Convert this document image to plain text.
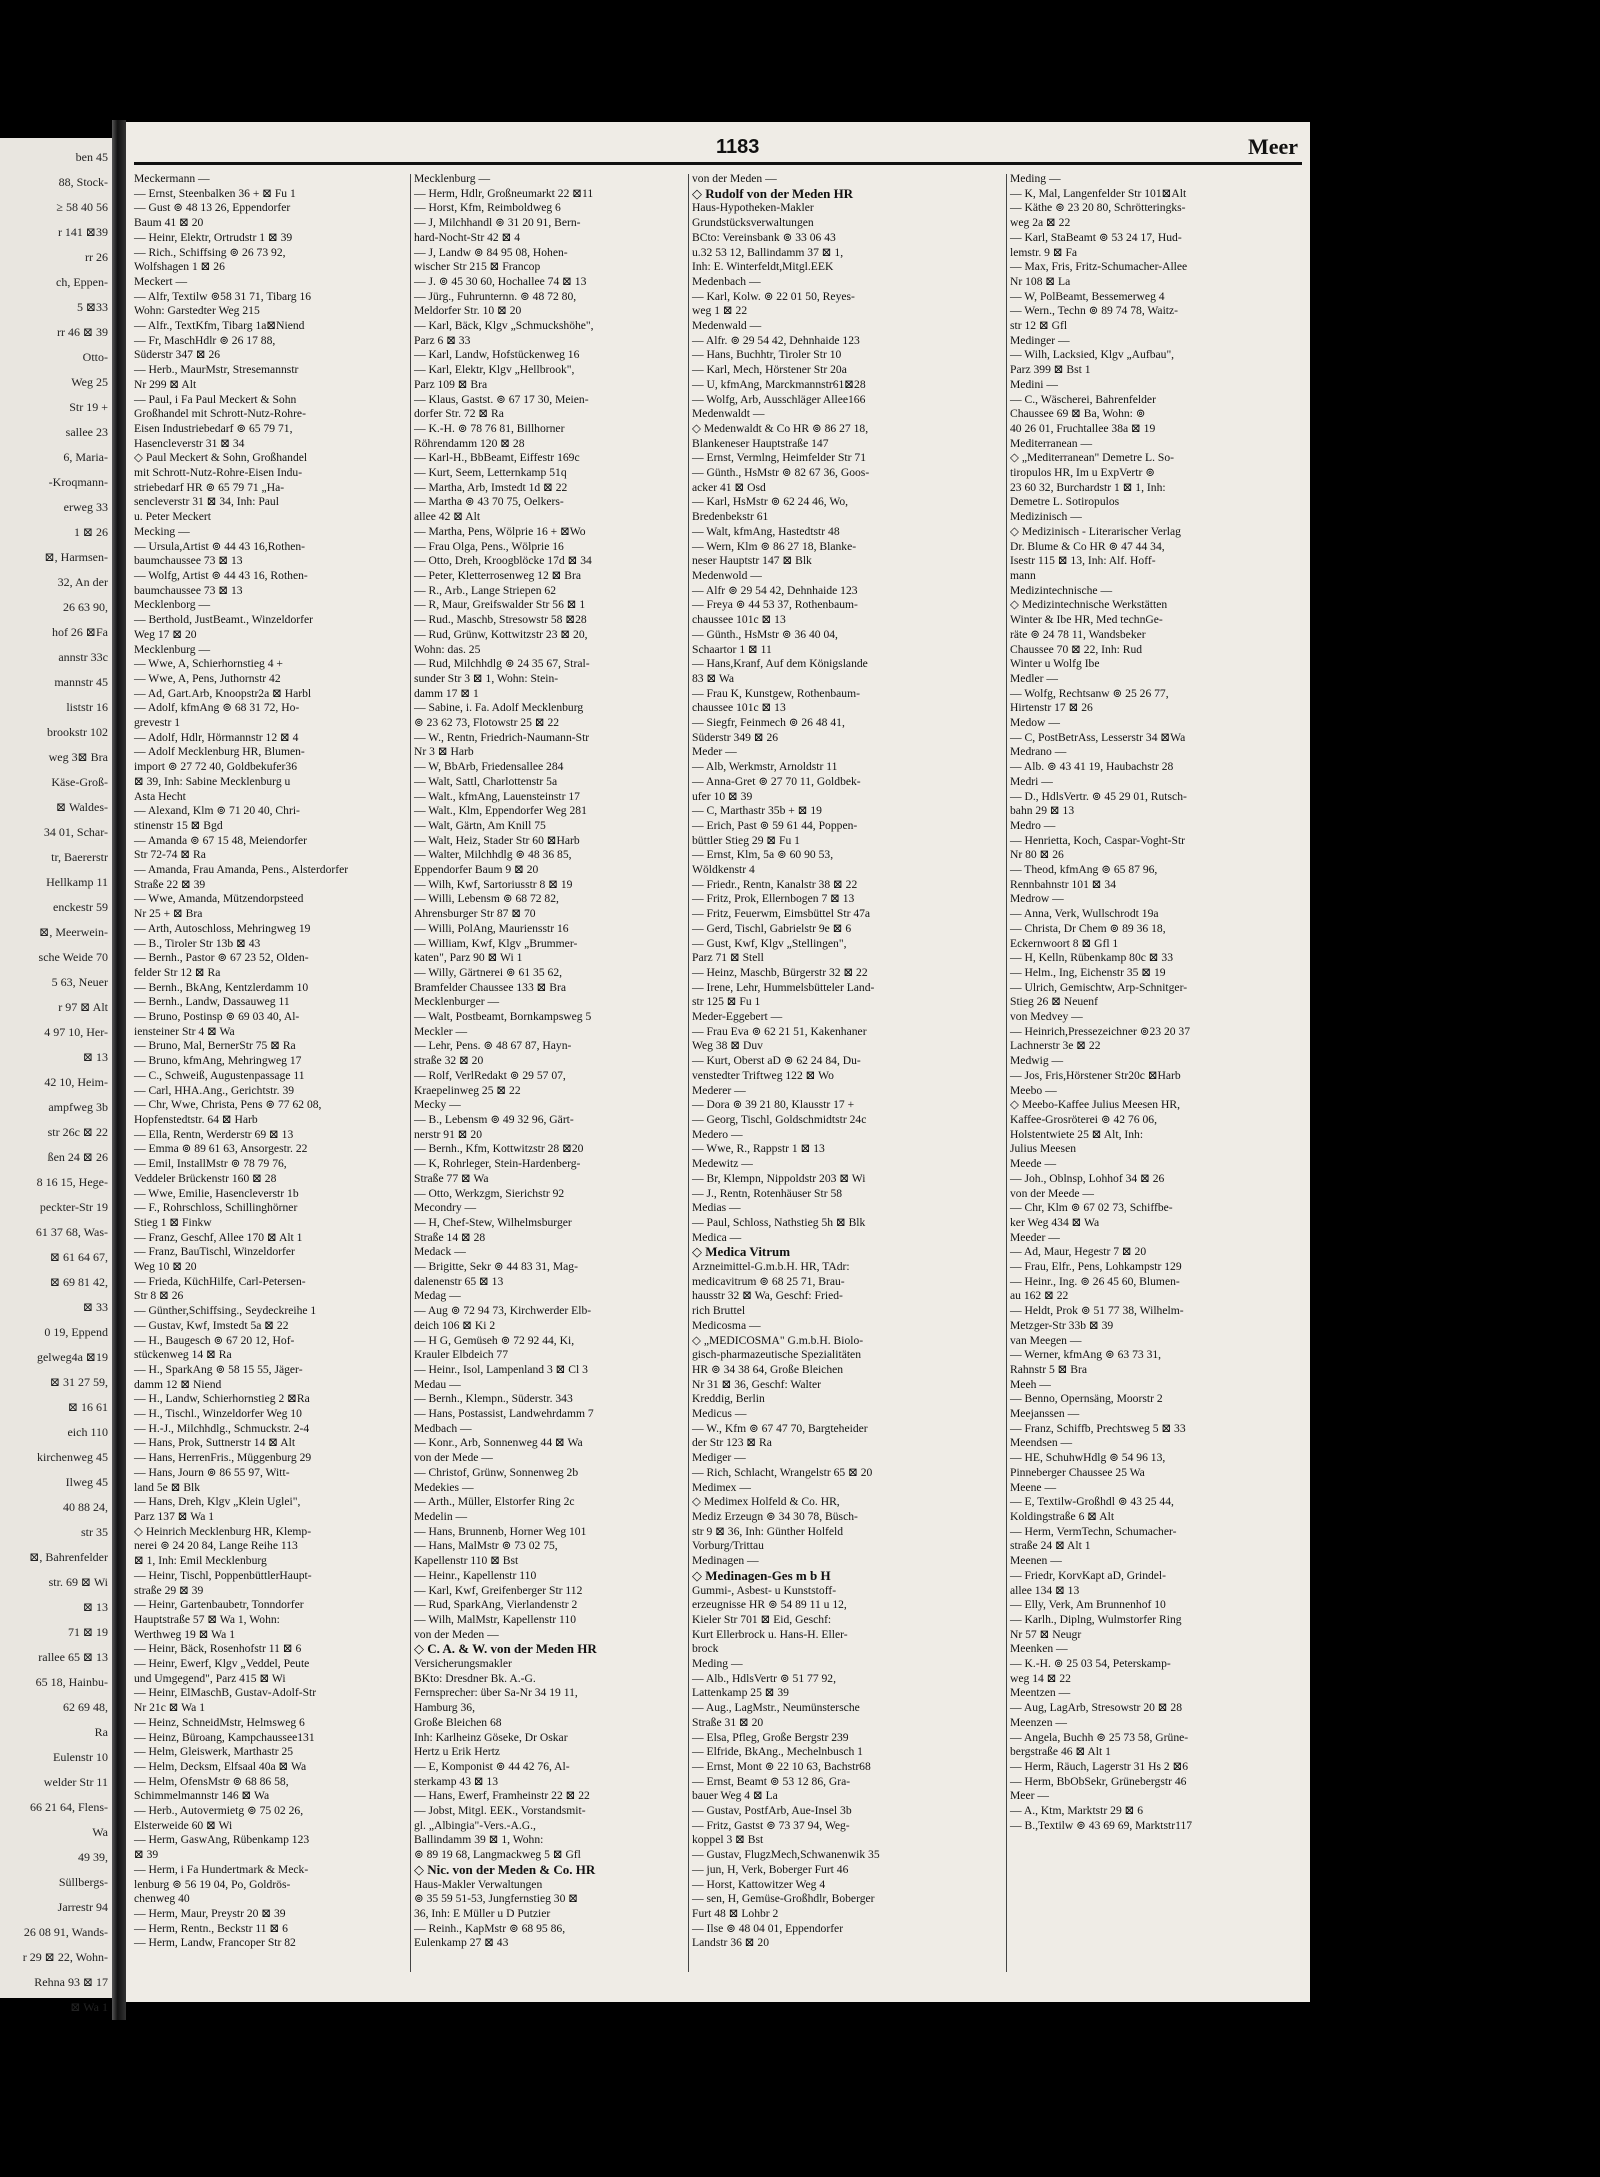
ben 45
88, Stock-
≥ 58 40 56
r 141 ⊠39
rr 26
ch, Eppen-
5 ⊠33
rr 46 ⊠ 39
Otto-
Weg 25
Str 19 +
sallee 23
6, Maria-
-Kroqmann-
erweg 33
1 ⊠ 26
⊠, Harmsen-
32, An der
26 63 90,
hof 26 ⊠Fa
annstr 33c
mannstr 45
liststr 16
brookstr 102
weg 3⊠ Bra
Käse-Groß-
⊠ Waldes-
34 01, Schar-
tr, Baererstr
Hellkamp 11
enckestr 59
⊠, Meerwein-
sche Weide 70
5 63, Neuer
r 97 ⊠ Alt
4 97 10, Her-
⊠ 13
42 10, Heim-
ampfweg 3b
str 26c ⊠ 22
ßen 24 ⊠ 26
8 16 15, Hege-
peckter-Str 19
61 37 68, Was-
⊠ 61 64 67,
⊠ 69 81 42,
⊠ 33
0 19, Eppend
gelweg4a ⊠19
⊠ 31 27 59,
⊠ 16 61
eich 110
kirchenweg 45
Ilweg 45
40 88 24,
str 35
⊠, Bahrenfelder
str. 69 ⊠ Wi
⊠ 13
71 ⊠ 19
rallee 65 ⊠ 13
65 18, Hainbu-
62 69 48,
Ra
Eulenstr 10
welder Str 11
66 21 64, Flens-
Wa
49 39,
Süllbergs-
Jarrestr 94
26 08 91, Wands-
r 29 ⊠ 22, Wohn-
Rehna 93 ⊠ 17
⊠ Wa 1
1183	Meer
Meckermann —
— Ernst, Steenbalken 36 + ⊠ Fu 1
— Gust ⊚ 48 13 26, Eppendorfer
Baum 41 ⊠ 20
— Heinr, Elektr, Ortrudstr 1 ⊠ 39
— Rich., Schiffsing ⊚ 26 73 92,
Wolfshagen 1 ⊠ 26
Meckert —
— Alfr, Textilw ⊚58 31 71, Tibarg 16
Wohn: Garstedter Weg 215
— Alfr., TextKfm, Tibarg 1a⊠Niend
— Fr, MaschHdlr ⊚ 26 17 88,
Süderstr 347 ⊠ 26
— Herb., MaurMstr, Stresemannstr
Nr 299 ⊠ Alt
— Paul, i Fa Paul Meckert & Sohn
Großhandel mit Schrott-Nutz-Rohre-
Eisen Industriebedarf ⊚ 65 79 71,
Hasencleverstr 31 ⊠ 34
◇ Paul Meckert & Sohn, Großhandel
mit Schrott-Nutz-Rohre-Eisen Indu-
striebedarf HR ⊚ 65 79 71 „Ha-
sencleverstr 31 ⊠ 34, Inh: Paul
u. Peter Meckert
Mecking —
— Ursula,Artist ⊚ 44 43 16,Rothen-
baumchaussee 73 ⊠ 13
— Wolfg, Artist ⊚ 44 43 16, Rothen-
baumchaussee 73 ⊠ 13
Mecklenborg —
— Berthold, JustBeamt., Winzeldorfer
Weg 17 ⊠ 20
Mecklenburg —
— Wwe, A, Schierhornstieg 4 +
— Wwe, A, Pens, Juthornstr 42
— Ad, Gart.Arb, Knoopstr2a ⊠ Harbl
— Adolf, kfmAng ⊚ 68 31 72, Ho-
grevestr 1
— Adolf, Hdlr, Hörmannstr 12 ⊠ 4
— Adolf Mecklenburg HR, Blumen-
import ⊚ 27 72 40, Goldbekufer36
⊠ 39, Inh: Sabine Mecklenburg u
Asta Hecht
— Alexand, Klm ⊚ 71 20 40, Chri-
stinenstr 15 ⊠ Bgd
— Amanda ⊚ 67 15 48, Meiendorfer
Str 72-74 ⊠ Ra
— Amanda, Frau Amanda, Pens., Alsterdorfer
Straße 22 ⊠ 39
— Wwe, Amanda, Mützendorpsteed
Nr 25 + ⊠ Bra
— Arth, Autoschloss, Mehringweg 19
— B., Tiroler Str 13b ⊠ 43
— Bernh., Pastor ⊚ 67 23 52, Olden-
felder Str 12 ⊠ Ra
— Bernh., BkAng, Kentzlerdamm 10
— Bernh., Landw, Dassauweg 11
— Bruno, Postinsp ⊚ 69 03 40, Al-
iensteiner Str 4 ⊠ Wa
— Bruno, Mal, BernerStr 75 ⊠ Ra
— Bruno, kfmAng, Mehringweg 17
— C., Schweiß, Augustenpassage 11
— Carl, HHA.Ang., Gerichtstr. 39
— Chr, Wwe, Christa, Pens ⊚ 77 62 08,
Hopfenstedtstr. 64 ⊠ Harb
— Ella, Rentn, Werderstr 69 ⊠ 13
— Emma ⊚ 89 61 63, Ansorgestr. 22
— Emil, InstallMstr ⊚ 78 79 76,
Veddeler Brückenstr 160 ⊠ 28
— Wwe, Emilie, Hasencleverstr 1b
— F., Rohrschloss, Schillinghörner
Stieg 1 ⊠ Finkw
— Franz, Geschf, Allee 170 ⊠ Alt 1
— Franz, BauTischl, Winzeldorfer
Weg 10 ⊠ 20
— Frieda, KüchHilfe, Carl-Petersen-
Str 8 ⊠ 26
— Günther,Schiffsing., Seydeckreihe 1
— Gustav, Kwf, Imstedt 5a ⊠ 22
— H., Baugesch ⊚ 67 20 12, Hof-
stückenweg 14 ⊠ Ra
— H., SparkAng ⊚ 58 15 55, Jäger-
damm 12 ⊠ Niend
— H., Landw, Schierhornstieg 2 ⊠Ra
— H., Tischl., Winzeldorfer Weg 10
— H.-J., Milchhdlg., Schmuckstr. 2-4
— Hans, Prok, Suttnerstr 14 ⊠ Alt
— Hans, HerrenFris., Müggenburg 29
— Hans, Journ ⊚ 86 55 97, Witt-
land 5e ⊠ Blk
— Hans, Dreh, Klgv „Klein Uglei",
Parz 137 ⊠ Wa 1
◇ Heinrich Mecklenburg HR, Klemp-
nerei ⊚ 24 20 84, Lange Reihe 113
⊠ 1, Inh: Emil Mecklenburg
— Heinr, Tischl, PoppenbüttlerHaupt-
straße 29 ⊠ 39
— Heinr, Gartenbaubetr, Tonndorfer
Hauptstraße 57 ⊠ Wa 1, Wohn:
Werthweg 19 ⊠ Wa 1
— Heinr, Bäck, Rosenhofstr 11 ⊠ 6
— Heinr, Ewerf, Klgv „Veddel, Peute
und Umgegend", Parz 415 ⊠ Wi
— Heinr, ElMaschB, Gustav-Adolf-Str
Nr 21c ⊠ Wa 1
— Heinz, SchneidMstr, Helmsweg 6
— Heinz, Büroang, Kampchaussee131
— Helm, Gleiswerk, Marthastr 25
— Helm, Decksm, Elfsaal 40a ⊠ Wa
— Helm, OfensMstr ⊚ 68 86 58,
Schimmelmannstr 146 ⊠ Wa
— Herb., Autovermietg ⊚ 75 02 26,
Elsterweide 60 ⊠ Wi
— Herm, GaswAng, Rübenkamp 123
⊠ 39
— Herm, i Fa Hundertmark & Meck-
lenburg ⊚ 56 19 04, Po, Goldrös-
chenweg 40
— Herm, Maur, Preystr 20 ⊠ 39
— Herm, Rentn., Beckstr 11 ⊠ 6
— Herm, Landw, Francoper Str 82
Mecklenburg —
— Herm, Hdlr, Großneumarkt 22 ⊠11
— Horst, Kfm, Reimboldweg 6
— J, Milchhandl ⊚ 31 20 91, Bern-
hard-Nocht-Str 42 ⊠ 4
— J, Landw ⊚ 84 95 08, Hohen-
wischer Str 215 ⊠ Francop
— J. ⊚ 45 30 60, Hochallee 74 ⊠ 13
— Jürg., Fuhrunternn. ⊚ 48 72 80,
Meldorfer Str. 10 ⊠ 20
— Karl, Bäck, Klgv „Schmuckshöhe",
Parz 6 ⊠ 33
— Karl, Landw, Hofstückenweg 16
— Karl, Elektr, Klgv „Hellbrook",
Parz 109 ⊠ Bra
— Klaus, Gastst. ⊚ 67 17 30, Meien-
dorfer Str. 72 ⊠ Ra
— K.-H. ⊚ 78 76 81, Billhorner
Röhrendamm 120 ⊠ 28
— Karl-H., BbBeamt, Eiffestr 169c
— Kurt, Seem, Letternkamp 51q
— Martha, Arb, Imstedt 1d ⊠ 22
— Martha ⊚ 43 70 75, Oelkers-
allee 42 ⊠ Alt
— Martha, Pens, Wölprie 16 + ⊠Wo
— Frau Olga, Pens., Wölprie 16
— Otto, Dreh, Kroogblöcke 17d ⊠ 34
— Peter, Kletterrosenweg 12 ⊠ Bra
— R., Arb., Lange Striepen 62
— R, Maur, Greifswalder Str 56 ⊠ 1
— Rud., Maschb, Stresowstr 58 ⊠28
— Rud, Grünw, Kottwitzstr 23 ⊠ 20,
Wohn: das. 25
— Rud, Milchhdlg ⊚ 24 35 67, Stral-
sunder Str 3 ⊠ 1, Wohn: Stein-
damm 17 ⊠ 1
— Sabine, i. Fa. Adolf Mecklenburg
⊚ 23 62 73, Flotowstr 25 ⊠ 22
— W., Rentn, Friedrich-Naumann-Str
Nr 3 ⊠ Harb
— W, BbArb, Friedensallee 284
— Walt, Sattl, Charlottenstr 5a
— Walt., kfmAng, Lauensteinstr 17
— Walt., Klm, Eppendorfer Weg 281
— Walt, Gärtn, Am Knill 75
— Walt, Heiz, Stader Str 60 ⊠Harb
— Walter, Milchhdlg ⊚ 48 36 85,
Eppendorfer Baum 9 ⊠ 20
— Wilh, Kwf, Sartoriusstr 8 ⊠ 19
— Willi, Lebensm ⊚ 68 72 82,
Ahrensburger Str 87 ⊠ 70
— Willi, PolAng, Mauriensstr 16
— William, Kwf, Klgv „Brummer-
katen", Parz 90 ⊠ Wi 1
— Willy, Gärtnerei ⊚ 61 35 62,
Bramfelder Chaussee 133 ⊠ Bra
Mecklenburger —
— Walt, Postbeamt, Bornkampsweg 5
Meckler —
— Lehr, Pens. ⊚ 48 67 87, Hayn-
straße 32 ⊠ 20
— Rolf, VerlRedakt ⊚ 29 57 07,
Kraepelinweg 25 ⊠ 22
Mecky —
— B., Lebensm ⊚ 49 32 96, Gärt-
nerstr 91 ⊠ 20
— Bernh., Kfm, Kottwitzstr 28 ⊠20
— K, Rohrleger, Stein-Hardenberg-
Straße 77 ⊠ Wa
— Otto, Werkzgm, Sierichstr 92
Mecondry —
— H, Chef-Stew, Wilhelmsburger
Straße 14 ⊠ 28
Medack —
— Brigitte, Sekr ⊚ 44 83 31, Mag-
dalenenstr 65 ⊠ 13
Medag —
— Aug ⊚ 72 94 73, Kirchwerder Elb-
deich 106 ⊠ Ki 2
— H G, Gemüseh ⊚ 72 92 44, Ki,
Krauler Elbdeich 77
— Heinr., Isol, Lampenland 3 ⊠ Cl 3
Medau —
— Bernh., Klempn., Süderstr. 343
— Hans, Postassist, Landwehrdamm 7
Medbach —
— Konr., Arb, Sonnenweg 44 ⊠ Wa
von der Mede —
— Christof, Grünw, Sonnenweg 2b
Medekies —
— Arth., Müller, Elstorfer Ring 2c
Medelin —
— Hans, Brunnenb, Horner Weg 101
— Hans, MalMstr ⊚ 73 02 75,
Kapellenstr 110 ⊠ Bst
— Heinr., Kapellenstr 110
— Karl, Kwf, Greifenberger Str 112
— Rud, SparkAng, Vierlandenstr 2
— Wilh, MalMstr, Kapellenstr 110
von der Meden —
◇ C. A. & W. von der Meden HR
Versicherungsmakler
BKto: Dresdner Bk. A.-G.
Fernsprecher: über Sa-Nr 34 19 11,
Hamburg 36,
Große Bleichen 68
Inh: Karlheinz Göseke, Dr Oskar
Hertz u Erik Hertz
— E, Komponist ⊚ 44 42 76, Al-
sterkamp 43 ⊠ 13
— Hans, Ewerf, Framheinstr 22 ⊠ 22
— Jobst, Mitgl. EEK., Vorstandsmit-
gl. „Albingia"-Vers.-A.G.,
Ballindamm 39 ⊠ 1, Wohn:
⊚ 89 19 68, Langmackweg 5 ⊠ Gfl
◇ Nic. von der Meden & Co. HR
Haus-Makler Verwaltungen
⊚ 35 59 51-53, Jungfernstieg 30 ⊠
36, Inh: E Müller u D Putzier
— Reinh., KapMstr ⊚ 68 95 86,
Eulenkamp 27 ⊠ 43
von der Meden —
◇ Rudolf von der Meden HR
Haus-Hypotheken-Makler
Grundstücksverwaltungen
BCto: Vereinsbank ⊚ 33 06 43
u.32 53 12, Ballindamm 37 ⊠ 1,
Inh: E. Winterfeldt,Mitgl.EEK
Medenbach —
— Karl, Kolw. ⊚ 22 01 50, Reyes-
weg 1 ⊠ 22
Medenwald —
— Alfr. ⊚ 29 54 42, Dehnhaide 123
— Hans, Buchhtr, Tiroler Str 10
— Karl, Mech, Hörstener Str 20a
— U, kfmAng, Marckmannstr61⊠28
— Wolfg, Arb, Ausschläger Allee166
Medenwaldt —
◇ Medenwaldt & Co HR ⊚ 86 27 18,
Blankeneser Hauptstraße 147
— Ernst, Vermlng, Heimfelder Str 71
— Günth., HsMstr ⊚ 82 67 36, Goos-
acker 41 ⊠ Osd
— Karl, HsMstr ⊚ 62 24 46, Wo,
Bredenbekstr 61
— Walt, kfmAng, Hastedtstr 48
— Wern, Klm ⊚ 86 27 18, Blanke-
neser Hauptstr 147 ⊠ Blk
Medenwold —
— Alfr ⊚ 29 54 42, Dehnhaide 123
— Freya ⊚ 44 53 37, Rothenbaum-
chaussee 101c ⊠ 13
— Günth., HsMstr ⊚ 36 40 04,
Schaartor 1 ⊠ 11
— Hans,Kranf, Auf dem Königslande
83 ⊠ Wa
— Frau K, Kunstgew, Rothenbaum-
chaussee 101c ⊠ 13
— Siegfr, Feinmech ⊚ 26 48 41,
Süderstr 349 ⊠ 26
Meder —
— Alb, Werkmstr, Arnoldstr 11
— Anna-Gret ⊚ 27 70 11, Goldbek-
ufer 10 ⊠ 39
— C, Marthastr 35b + ⊠ 19
— Erich, Past ⊚ 59 61 44, Poppen-
büttler Stieg 29 ⊠ Fu 1
— Ernst, Klm, 5a ⊚ 60 90 53,
Wöldkenstr 4
— Friedr., Rentn, Kanalstr 38 ⊠ 22
— Fritz, Prok, Ellernbogen 7 ⊠ 13
— Fritz, Feuerwm, Eimsbüttel Str 47a
— Gerd, Tischl, Gabrielstr 9e ⊠ 6
— Gust, Kwf, Klgv „Stellingen",
Parz 71 ⊠ Stell
— Heinz, Maschb, Bürgerstr 32 ⊠ 22
— Irene, Lehr, Hummelsbütteler Land-
str 125 ⊠ Fu 1
Meder-Eggebert —
— Frau Eva ⊚ 62 21 51, Kakenhaner
Weg 38 ⊠ Duv
— Kurt, Oberst aD ⊚ 62 24 84, Du-
venstedter Triftweg 122 ⊠ Wo
Mederer —
— Dora ⊚ 39 21 80, Klausstr 17 +
— Georg, Tischl, Goldschmidtstr 24c
Medero —
— Wwe, R., Rappstr 1 ⊠ 13
Medewitz —
— Br, Klempn, Nippoldstr 203 ⊠ Wi
— J., Rentn, Rotenhäuser Str 58
Medias —
— Paul, Schloss, Nathstieg 5h ⊠ Blk
Medica —
◇ Medica Vitrum
Arzneimittel-G.m.b.H. HR, TAdr:
medicavitrum ⊚ 68 25 71, Brau-
hausstr 32 ⊠ Wa, Geschf: Fried-
rich Bruttel
Medicosma —
◇ „MEDICOSMA" G.m.b.H. Biolo-
gisch-pharmazeutische Spezialitäten
HR ⊚ 34 38 64, Große Bleichen
Nr 31 ⊠ 36, Geschf: Walter
Kreddig, Berlin
Medicus —
— W., Kfm ⊚ 67 47 70, Bargteheider
der Str 123 ⊠ Ra
Mediger —
— Rich, Schlacht, Wrangelstr 65 ⊠ 20
Medimex —
◇ Medimex Holfeld & Co. HR,
Mediz Erzeugn ⊚ 34 30 78, Büsch-
str 9 ⊠ 36, Inh: Günther Holfeld
Vorburg/Trittau
Medinagen —
◇ Medinagen-Ges m b H
Gummi-, Asbest- u Kunststoff-
erzeugnisse HR ⊚ 54 89 11 u 12,
Kieler Str 701 ⊠ Eid, Geschf:
Kurt Ellerbrock u. Hans-H. Eller-
brock
Meding —
— Alb., HdlsVertr ⊚ 51 77 92,
Lattenkamp 25 ⊠ 39
— Aug., LagMstr., Neumünstersche
Straße 31 ⊠ 20
— Elsa, Pfleg, Große Bergstr 239
— Elfride, BkAng., Mechelnbusch 1
— Ernst, Mont ⊚ 22 10 63, Bachstr68
— Ernst, Beamt ⊚ 53 12 86, Gra-
bauer Weg 4 ⊠ La
— Gustav, PostfArb, Aue-Insel 3b
— Fritz, Gastst ⊚ 73 37 94, Weg-
koppel 3 ⊠ Bst
— Gustav, FlugzMech,Schwanenwik 35
— jun, H, Verk, Boberger Furt 46
— Horst, Kattowitzer Weg 4
— sen, H, Gemüse-Großhdlr, Boberger
Furt 48 ⊠ Lohbr 2
— Ilse ⊚ 48 04 01, Eppendorfer
Landstr 36 ⊠ 20
Meding —
— K, Mal, Langenfelder Str 101⊠Alt
— Käthe ⊚ 23 20 80, Schrötteringks-
weg 2a ⊠ 22
— Karl, StaBeamt ⊚ 53 24 17, Hud-
lemstr. 9 ⊠ Fa
— Max, Fris, Fritz-Schumacher-Allee
Nr 108 ⊠ La
— W, PolBeamt, Bessemerweg 4
— Wern., Techn ⊚ 89 74 78, Waitz-
str 12 ⊠ Gfl
Medinger —
— Wilh, Lacksied, Klgv „Aufbau",
Parz 399 ⊠ Bst 1
Medini —
— C., Wäscherei, Bahrenfelder
Chaussee 69 ⊠ Ba, Wohn: ⊚
40 26 01, Fruchtallee 38a ⊠ 19
Mediterranean —
◇ „Mediterranean" Demetre L. So-
tiropulos HR, Im u ExpVertr ⊚
23 60 32, Burchardstr 1 ⊠ 1, Inh:
Demetre L. Sotiropulos
Medizinisch —
◇ Medizinisch - Literarischer Verlag
Dr. Blume & Co HR ⊚ 47 44 34,
Isestr 115 ⊠ 13, Inh: Alf. Hoff-
mann
Medizintechnische —
◇ Medizintechnische Werkstätten
Winter & Ibe HR, Med technGe-
räte ⊚ 24 78 11, Wandsbeker
Chaussee 70 ⊠ 22, Inh: Rud
Winter u Wolfg Ibe
Medler —
— Wolfg, Rechtsanw ⊚ 25 26 77,
Hirtenstr 17 ⊠ 26
Medow —
— C, PostBetrAss, Lesserstr 34 ⊠Wa
Medrano —
— Alb. ⊚ 43 41 19, Haubachstr 28
Medri —
— D., HdlsVertr. ⊚ 45 29 01, Rutsch-
bahn 29 ⊠ 13
Medro —
— Henrietta, Koch, Caspar-Voght-Str
Nr 80 ⊠ 26
— Theod, kfmAng ⊚ 65 87 96,
Rennbahnstr 101 ⊠ 34
Medrow —
— Anna, Verk, Wullschrodt 19a
— Christa, Dr Chem ⊚ 89 36 18,
Eckernwoort 8 ⊠ Gfl 1
— H, Kelln, Rübenkamp 80c ⊠ 33
— Helm., Ing, Eichenstr 35 ⊠ 19
— Ulrich, Gemischtw, Arp-Schnitger-
Stieg 26 ⊠ Neuenf
von Medvey —
— Heinrich,Pressezeichner ⊚23 20 37
Lachnerstr 3e ⊠ 22
Medwig —
— Jos, Fris,Hörstener Str20c ⊠Harb
Meebo —
◇ Meebo-Kaffee Julius Meesen HR,
Kaffee-Grosröterei ⊚ 42 76 06,
Holstentwiete 25 ⊠ Alt, Inh:
Julius Meesen
Meede —
— Joh., Oblnsp, Lohhof 34 ⊠ 26
von der Meede —
— Chr, Klm ⊚ 67 02 73, Schiffbe-
ker Weg 434 ⊠ Wa
Meeder —
— Ad, Maur, Hegestr 7 ⊠ 20
— Frau, Elfr., Pens, Lohkampstr 129
— Heinr., Ing. ⊚ 26 45 60, Blumen-
au 162 ⊠ 22
— Heldt, Prok ⊚ 51 77 38, Wilhelm-
Metzger-Str 33b ⊠ 39
van Meegen —
— Werner, kfmAng ⊚ 63 73 31,
Rahnstr 5 ⊠ Bra
Meeh —
— Benno, Opernsäng, Moorstr 2
Meejanssen —
— Franz, Schiffb, Prechtsweg 5 ⊠ 33
Meendsen —
— HE, SchuhwHdlg ⊚ 54 96 13,
Pinneberger Chaussee 25 Wa
Meene —
— E, Textilw-Großhdl ⊚ 43 25 44,
Koldingstraße 6 ⊠ Alt
— Herm, VermTechn, Schumacher-
straße 24 ⊠ Alt 1
Meenen —
— Friedr, KorvKapt aD, Grindel-
allee 134 ⊠ 13
— Elly, Verk, Am Brunnenhof 10
— Karlh., Diplng, Wulmstorfer Ring
Nr 57 ⊠ Neugr
Meenken —
— K.-H. ⊚ 25 03 54, Peterskamp-
weg 14 ⊠ 22
Meentzen —
— Aug, LagArb, Stresowstr 20 ⊠ 28
Meenzen —
— Angela, Buchh ⊚ 25 73 58, Grüne-
bergstraße 46 ⊠ Alt 1
— Herm, Räuch, Lagerstr 31 Hs 2 ⊠6
— Herm, BbObSekr, Grünebergstr 46
Meer —
— A., Ktm, Marktstr 29 ⊠ 6
— B.,Textilw ⊚ 43 69 69, Marktstr117
